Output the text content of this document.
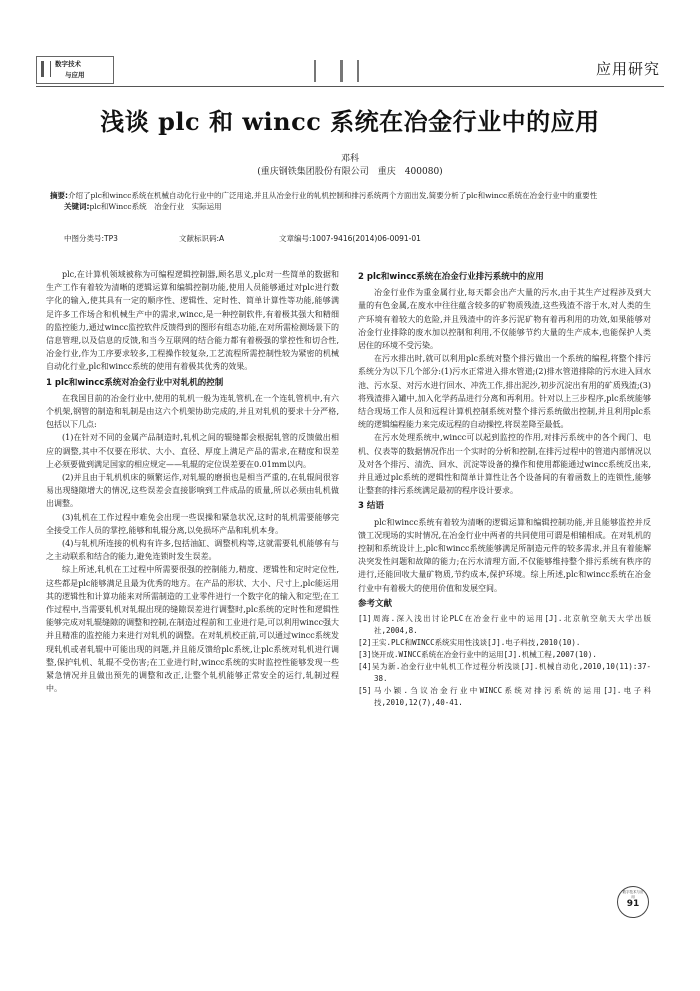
数字技术
与应用	应用研究
浅谈 plc 和 wincc 系统在冶金行业中的应用
邓科
(重庆钢铁集团股份有限公司　重庆　400080)
摘要:介绍了plc和wincc系统在机械自动化行业中的广泛用途,并且从冶金行业的轧机控制和排污系统两个方面出发,简要分析了plc和wincc系统在冶金行业中的重要性
关键词:plc和Wincc系统　冶金行业　实际运用
中图分类号:TP3	文献标识码:A	文章编号:1007-9416(2014)06-0091-01

plc,在计算机领域被称为可编程逻辑控制器,顾名思义,plc对一些简单的数据和生产工作有着较为清晰的逻辑运算和编辑控制功能,使用人员能够通过对plc进行数字化的输入,使其具有一定的顺序性、逻辑性、定时性、简单计算性等功能,能够满足许多工作场合和机械生产中的需求,wincc,是一种控制软件,有着极其强大和精细的监控能力,通过wincc监控软件反馈得到的图形有组态功能,在对所需检测场景下的信息管理,以及信息的反馈,和当今互联网的结合能力都有着极强的掌控性和切合性,冶金行业,作为工序要求较多,工程操作较复杂,工艺流程所需控制性较为紧密的机械自动化行业,plc和wincc系统的使用有着极其优秀的效果。

1 plc和wincc系统对冶金行业中对轧机的控制

在我国目前的冶金行业中,使用的轧机一般为连轧管机,在一个连轧管机中,有六个机架,钢管的制造和轧制是由这六个机架协助完成的,并且对轧机的要求十分严格,包括以下几点:

(1)在针对不同的金属产品制造时,轧机之间的辊缝都会根据轧管的反馈做出相应的调整,其中不仅要在形状、大小、直径、厚度上满足产品的需求,在精度和误差上必须要做到满足国家的相应规定——轧辊的定位误差要在0.01mm以内。

(2)并且由于轧机机床的频繁运作,对轧辊的磨损也是相当严重的,在轧辊间很容易出现缝隙增大的情况,这些误差会直接影响到工件成品的质量,所以必须由轧机做出调整。

(3)轧机在工作过程中难免会出现一些误操和紧急状况,这时的轧机需要能够完全接受工作人员的掌控,能够和轧辊分离,以免损坏产品和轧机本身。

(4)与轧机所连接的机构有许多,包括油缸、调整机构等,这就需要轧机能够有与之主动联系和结合的能力,避免连锁时发生误差。

综上所述,轧机在工过程中所需要很强的控制能力,精度、逻辑性和定时定位性,这些都是plc能够满足且最为优秀的地方。在产品的形状、大小、尺寸上,plc能运用其的逻辑性和计算功能来对所需制造的工业零件进行一个数字化的输入和定型;在工作过程中,当需要轧机对轧辊出现的缝隙误差进行调整时,plc系统的定时性和逻辑性能够完成对轧辊缝隙的调整和控制,在制造过程前和工业进行是,可以利用wincc强大并且精准的监控能力来进行对轧机的调整。在对轧机校正前,可以通过wincc系统发现轧机或者轧辊中可能出现的问题,并且能反馈给plc系统,让plc系统对轧机进行调整,保护轧机、轧辊不受伤害;在工业进行时,wincc系统的实时监控性能够发现一些紧急情况并且做出预先的调整和改正,让整个轧机能够正常安全的运行,轧制过程中。

2 plc和wincc系统在冶金行业排污系统中的应用

冶金行业作为重金属行业,每天都会出产大量的污水,由于其生产过程涉及到大量的有色金属,在废水中往往蕴含较多的矿物质残渣,这些残渣不溶于水,对人类的生产环境有着较大的危险,并且残渣中的许多污泥矿物有着再利用的功效,如果能够对冶金行业排除的废水加以控制和利用,不仅能够节约大量的生产成本,也能保护人类居住的环境不受污染。

在污水排出时,就可以利用plc系统对整个排污做出一个系统的编程,将整个排污系统分为以下几个部分:(1)污水正常进入排水管道;(2)排水管道排除的污水进入回水池、污水泵、对污水进行回水、冲洗工作,排出泥沙,初步沉淀出有用的矿质残渣;(3)将残渣排入罐中,加入化学药品进行分离和再利用。针对以上三步程序,plc系统能够结合现场工作人员和远程计算机控制系统对整个排污系统做出控制,并且利用plc系统的逻辑编程能力来完成远程的自动操控,将误差降至最低。

在污水处理系统中,wincc可以起到监控的作用,对排污系统中的各个阀门、电机、仪表等的数据情况作出一个实时的分析和控制,在排污过程中的管道内部情况以及对各个排污、清洗、回水、沉淀等设备的操作和使用都能通过wincc系统反出来,并且通过plc系统的逻辑性和简单计算性让各个设备间的有着函数上的连锁性,能够让整套的排污系统满足最初的程序设计要求。

3 结语

plc和wincc系统有着较为清晰的逻辑运算和编辑控制功能,并且能够监控并反馈工况现场的实时情况,在冶金行业中两者的共同使用可谓是相辅相成。在对轧机的控制和系统设计上,plc和wincc系统能够满足所制造元件的较多需求,并且有着能解决突发性问题和故障的能力;在污水清理方面,不仅能够维持整个排污系统有秩序的进行,还能回收大量矿物质,节约成本,保护环境。综上所述,plc和wincc系统在冶金行业中有着极大的使用价值和发展空间。

参考文献

[1]周海.深入浅出讨论PLC在冶金行业中的运用[J].北京航空航天大学出版社,2004,8.
[2]王实.PLC和WINCC系统实用性浅谈[J].电子科技,2010(10).
[3]饶开成.WINCC系统在冶金行业中的运用[J].机械工程,2007(10).
[4]吴为新.冶金行业中轧机工作过程分析浅谈[J].机械自动化,2010,10(11):37-38.
[5]马小颖.刍议冶金行业中WINCC系统对排污系统的运用[J].电子科技,2010,12(7),40-41.
数字技术与应用
91
